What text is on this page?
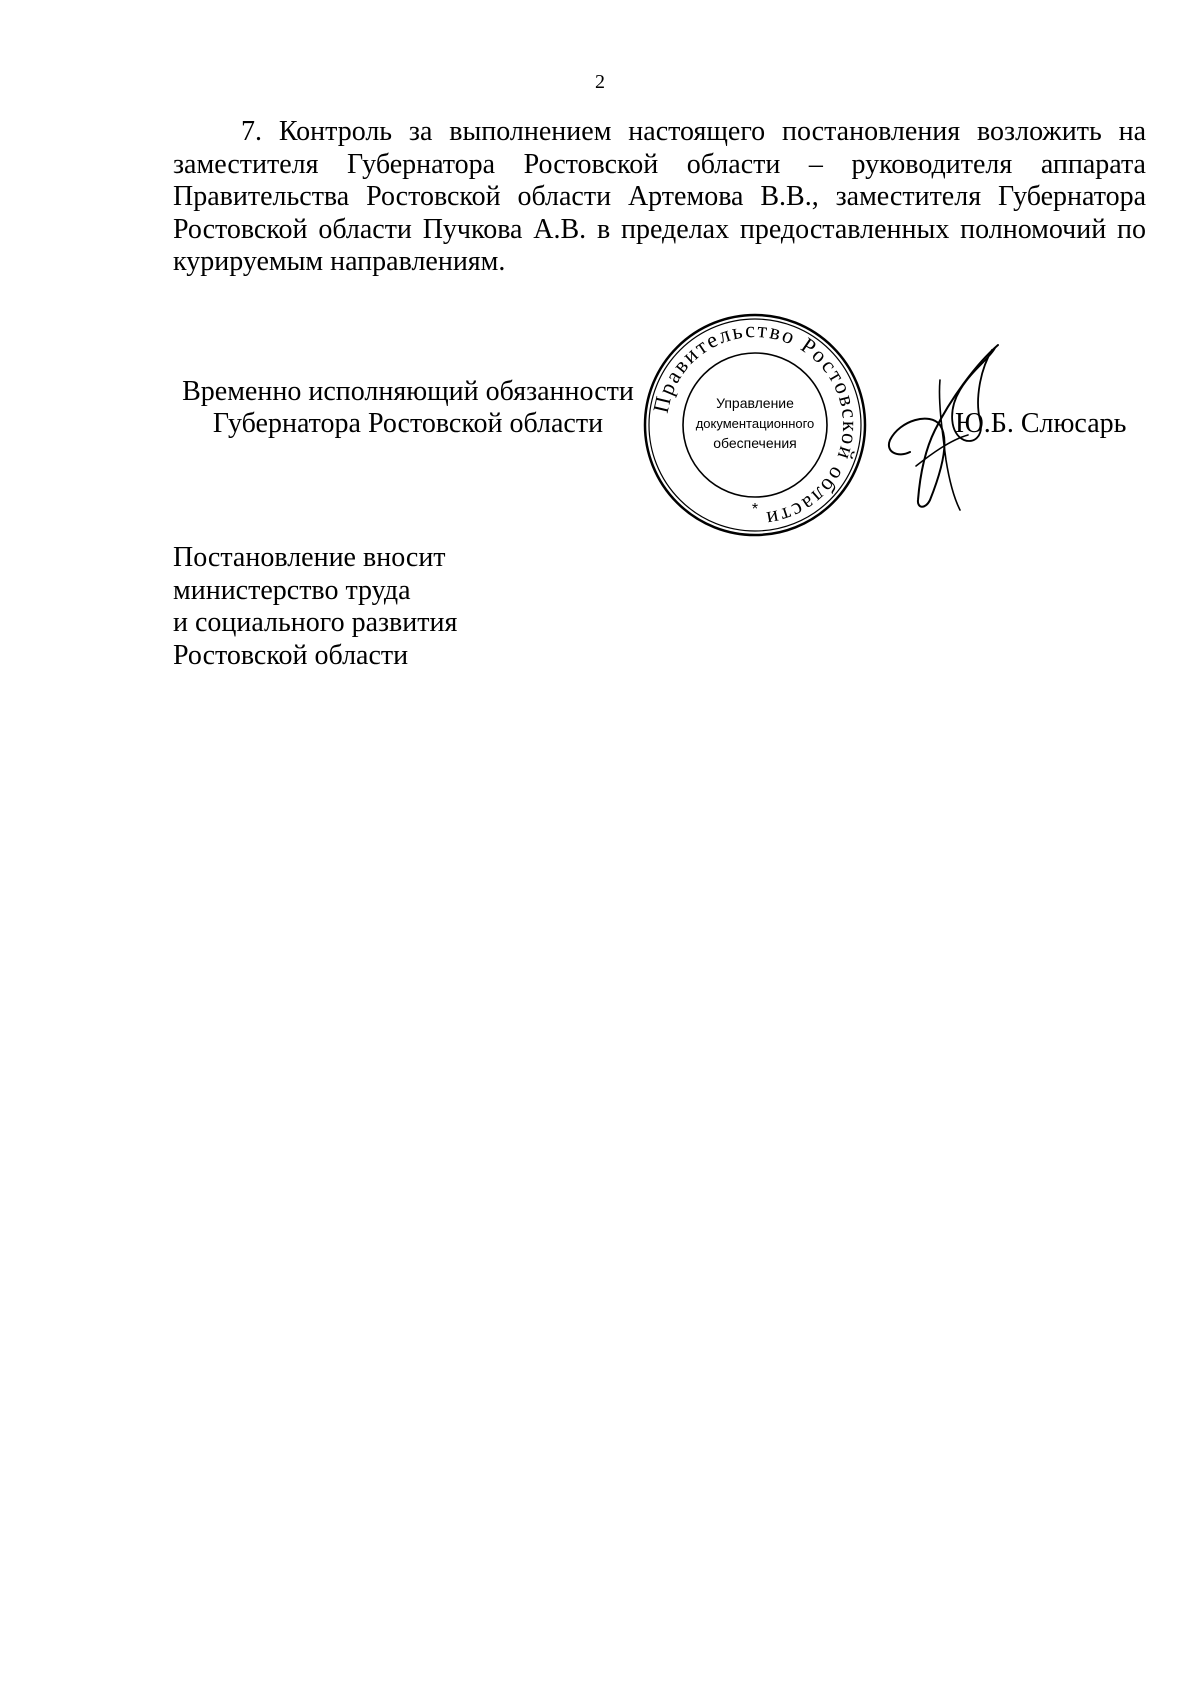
2

7. Контроль за выполнением настоящего постановления возложить на заместителя Губернатора Ростовской области – руководителя аппарата Правительства Ростовской области Артемова В.В., заместителя Губернатора Ростовской области Пучкова А.В. в пределах предоставленных полномочий по курируемым направлениям.

Временно исполняющий обязанности
Губернатора Ростовской области
Правительство Ростовской области
Управление
документационного
обеспечения
*

Ю.Б. Слюсарь

Постановление вносит
министерство труда
и социального развития
Ростовской области
